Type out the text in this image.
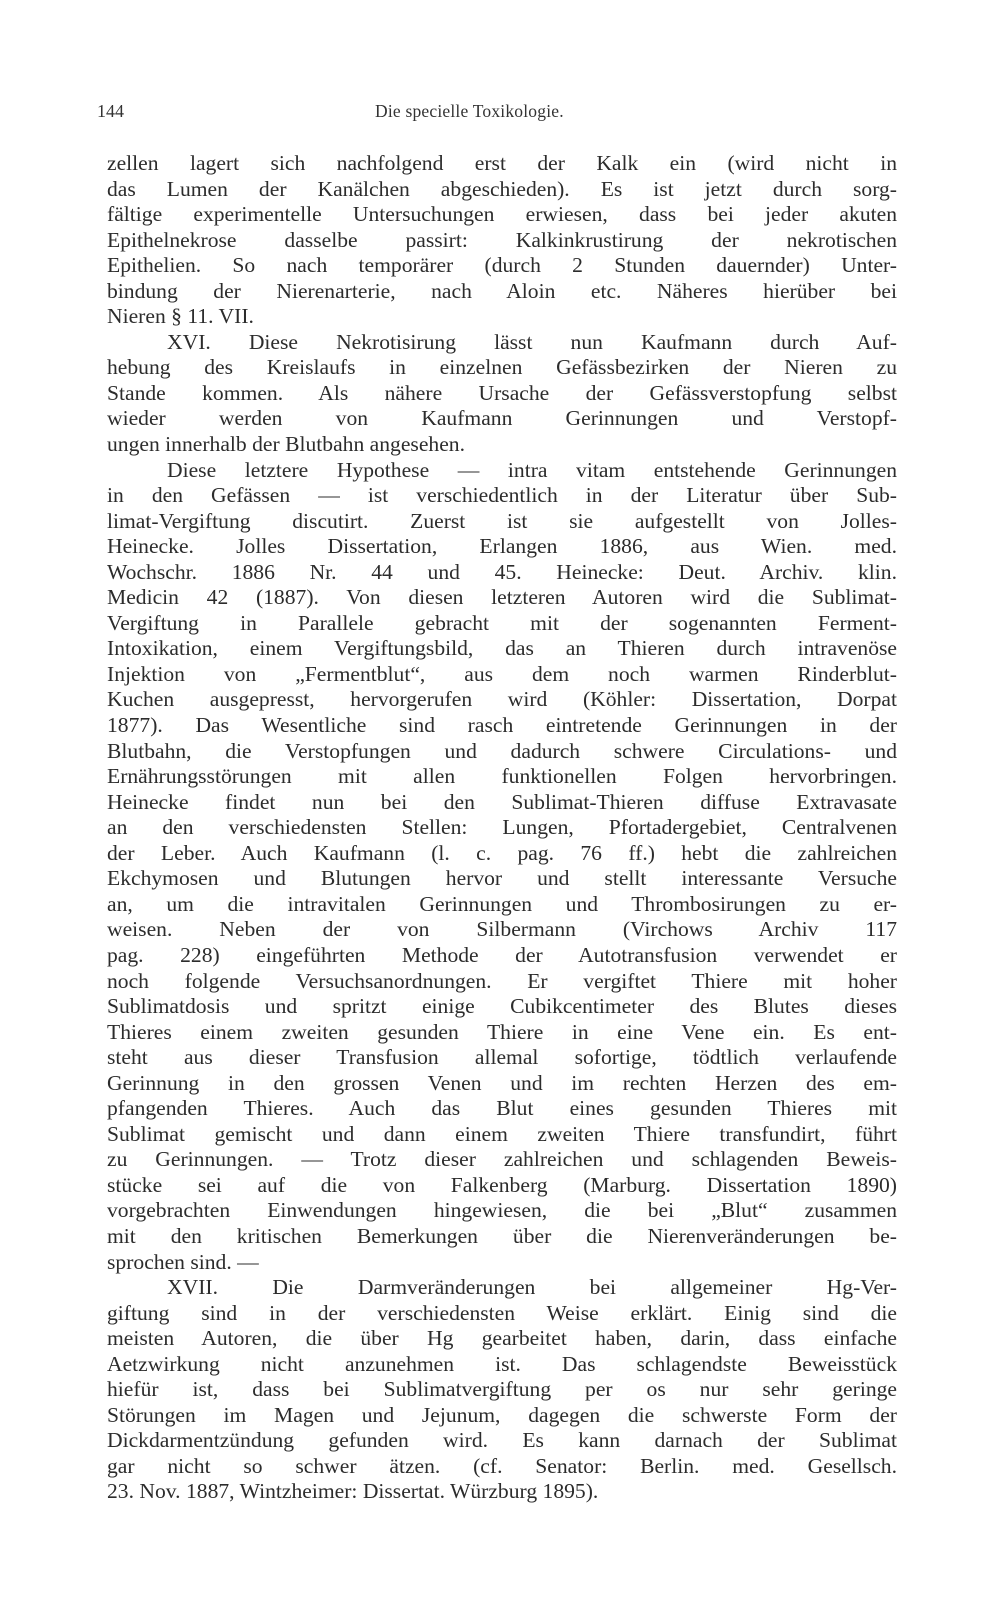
144	Die specielle Toxikologie.
zellen lagert sich nachfolgend erst der Kalk ein (wird nicht in
das Lumen der Kanälchen abgeschieden). Es ist jetzt durch sorg-
fältige experimentelle Untersuchungen erwiesen, dass bei jeder akuten
Epithelnekrose dasselbe passirt: Kalkinkrustirung der nekrotischen
Epithelien. So nach temporärer (durch 2 Stunden dauernder) Unter-
bindung der Nierenarterie, nach Aloin etc. Näheres hierüber bei
Nieren § 11. VII.
XVI. Diese Nekrotisirung lässt nun Kaufmann durch Auf-
hebung des Kreislaufs in einzelnen Gefässbezirken der Nieren zu
Stande kommen. Als nähere Ursache der Gefässverstopfung selbst
wieder werden von Kaufmann Gerinnungen und Verstopf-
ungen innerhalb der Blutbahn angesehen.
Diese letztere Hypothese — intra vitam entstehende Gerinnungen
in den Gefässen — ist verschiedentlich in der Literatur über Sub-
limat-Vergiftung discutirt. Zuerst ist sie aufgestellt von Jolles-
Heinecke. Jolles Dissertation, Erlangen 1886, aus Wien. med.
Wochschr. 1886 Nr. 44 und 45. Heinecke: Deut. Archiv. klin.
Medicin 42 (1887). Von diesen letzteren Autoren wird die Sublimat-
Vergiftung in Parallele gebracht mit der sogenannten Ferment-
Intoxikation, einem Vergiftungsbild, das an Thieren durch intravenöse
Injektion von „Fermentblut“, aus dem noch warmen Rinderblut-
Kuchen ausgepresst, hervorgerufen wird (Köhler: Dissertation, Dorpat
1877). Das Wesentliche sind rasch eintretende Gerinnungen in der
Blutbahn, die Verstopfungen und dadurch schwere Circulations- und
Ernährungsstörungen mit allen funktionellen Folgen hervorbringen.
Heinecke findet nun bei den Sublimat-Thieren diffuse Extravasate
an den verschiedensten Stellen: Lungen, Pfortadergebiet, Centralvenen
der Leber. Auch Kaufmann (l. c. pag. 76 ff.) hebt die zahlreichen
Ekchymosen und Blutungen hervor und stellt interessante Versuche
an, um die intravitalen Gerinnungen und Thrombosirungen zu er-
weisen. Neben der von Silbermann (Virchows Archiv 117
pag. 228) eingeführten Methode der Autotransfusion verwendet er
noch folgende Versuchsanordnungen. Er vergiftet Thiere mit hoher
Sublimatdosis und spritzt einige Cubikcentimeter des Blutes dieses
Thieres einem zweiten gesunden Thiere in eine Vene ein. Es ent-
steht aus dieser Transfusion allemal sofortige, tödtlich verlaufende
Gerinnung in den grossen Venen und im rechten Herzen des em-
pfangenden Thieres. Auch das Blut eines gesunden Thieres mit
Sublimat gemischt und dann einem zweiten Thiere transfundirt, führt
zu Gerinnungen. — Trotz dieser zahlreichen und schlagenden Beweis-
stücke sei auf die von Falkenberg (Marburg. Dissertation 1890)
vorgebrachten Einwendungen hingewiesen, die bei „Blut“ zusammen
mit den kritischen Bemerkungen über die Nierenveränderungen be-
sprochen sind. —
XVII. Die Darmveränderungen bei allgemeiner Hg-Ver-
giftung sind in der verschiedensten Weise erklärt. Einig sind die
meisten Autoren, die über Hg gearbeitet haben, darin, dass einfache
Aetzwirkung nicht anzunehmen ist. Das schlagendste Beweisstück
hiefür ist, dass bei Sublimatvergiftung per os nur sehr geringe
Störungen im Magen und Jejunum, dagegen die schwerste Form der
Dickdarmentzündung gefunden wird. Es kann darnach der Sublimat
gar nicht so schwer ätzen. (cf. Senator: Berlin. med. Gesellsch.
23. Nov. 1887, Wintzheimer: Dissertat. Würzburg 1895).
